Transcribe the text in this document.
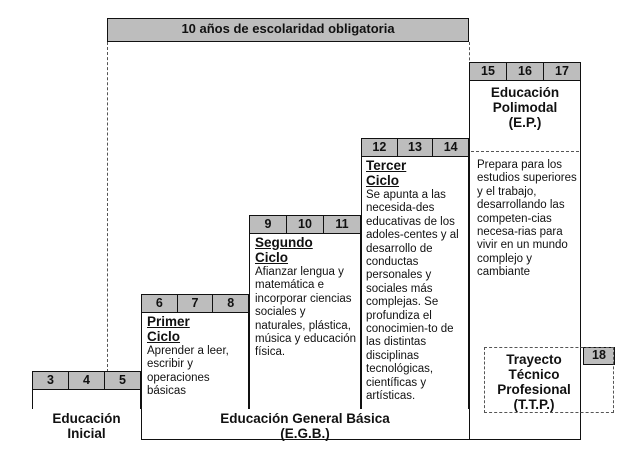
10 años de escolaridad obligatoria
3	4	5
Educación
Inicial
6	7	8
Primer
Ciclo
Aprender a leer, escribir y operaciones básicas
9	10	11
Segundo
Ciclo
Afianzar lengua y matemática e incorporar ciencias sociales y naturales, plástica, música y educación física.
12	13	14
Tercer
Ciclo
Se apunta a las necesida-des educativas de los adoles-centes y al desarrollo de conductas personales y sociales más complejas. Se profundiza el conocimien-to de las distintas disciplinas tecnológicas, científicas y artísticas.
15	16	17
Educación
Polimodal
(E.P.)
Prepara para los estudios superiores y el trabajo, desarrollando las competen-cias necesa-rias para vivir en un mundo complejo y cambiante
18
Trayecto
Técnico
Profesional
(T.T.P.)
Educación General Básica
(E.G.B.)
